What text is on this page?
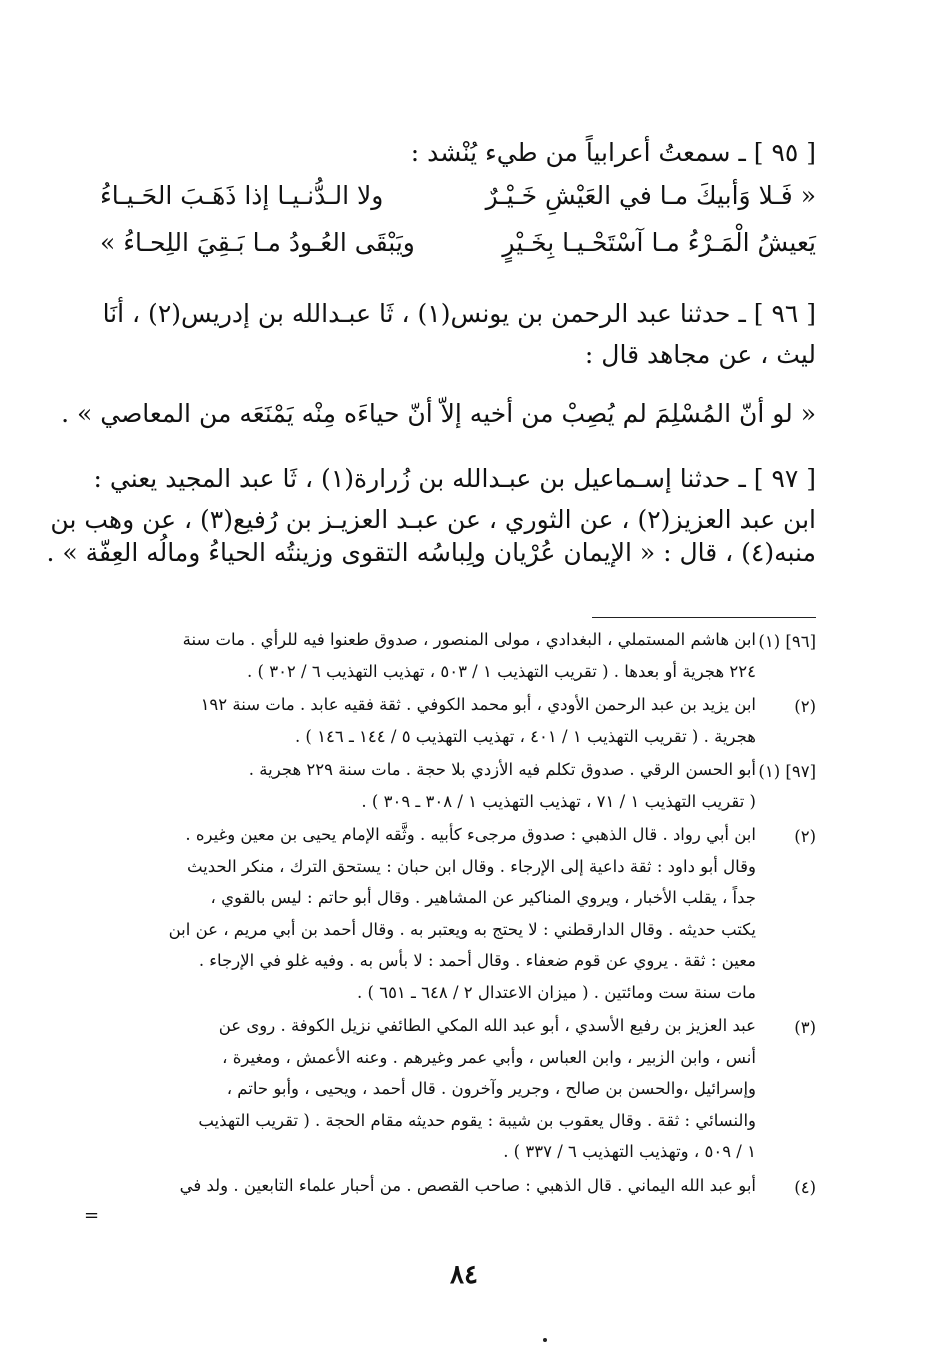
[ ٩٥ ] ـ سمعتُ أعرابياً من طيء يُنْشد :

« فَـلا وَأبيكَ مـا في العَيْشِ خَـيْـرٌ
ولا الـدُّنـيـا إذا ذَهَـبَ الحَـيـاءُ
يَعيشُ الْمَـرْءُ مـا آسْتَحْـيـا بِخَـيْرٍ
ويَبْقَى العُـودُ مـا بَـقِيَ اللِحـاءُ »

[ ٩٦ ] ـ حدثنا عبد الرحمن بن يونس(١) ، ثَا عبـدالله بن إدريس(٢) ، أنَا

ليث ، عن مجاهد قال :

« لو أنّ المُسْلِمَ لم يُصِبْ من أخيه إلاّ أنّ حياءَه مِنْه يَمْنَعَه من المعاصي » .

[ ٩٧ ] ـ حدثنا إسـماعيل بن عبـدالله بن زُرارة(١) ، ثَا عبد المجيد يعني :

ابن عبد العزيز(٢) ، عن الثوري ، عن عبـد العزيـز بن رُفيع(٣) ، عن وهب بن

منبه(٤) ، قال : « الإيمان عُرْيان ولِباسُه التقوى وزينتُه الحياءُ ومالُه العِفّة » .

[٩٦] (١)

ابن هاشم المستملي ، البغدادي ، مولى المنصور ، صدوق طعنوا فيه للرأي . مات سنة

٢٢٤ هجرية أو بعدها . ( تقريب التهذيب ١ / ٥٠٣ ، تهذيب التهذيب ٦ / ٣٠٢ ) .

(٢)

ابن يزيد بن عبد الرحمن الأودي ، أبو محمد الكوفي . ثقة فقيه عابد . مات سنة ١٩٢

هجرية . ( تقريب التهذيب ١ / ٤٠١ ، تهذيب التهذيب ٥ / ١٤٤ ـ ١٤٦ ) .

[٩٧] (١)

أبو الحسن الرقي . صدوق تكلم فيه الأزدي بلا حجة . مات سنة ٢٢٩ هجرية .

( تقريب التهذيب ١ / ٧١ ، تهذيب التهذيب ١ / ٣٠٨ ـ ٣٠٩ ) .

(٢)

ابن أبي رواد . قال الذهبي : صدوق مرجىء كأبيه . وثَّقه الإمام يحيى بن معين وغيره .

وقال أبو داود : ثقة داعية إلى الإرجاء . وقال ابن حبان : يستحق الترك ، منكر الحديث

جداً ، يقلب الأخبار ، ويروي المناكير عن المشاهير . وقال أبو حاتم : ليس بالقوي ،

يكتب حديثه . وقال الدارقطني : لا يحتج به ويعتبر به . وقال أحمد بن أبي مريم ، عن ابن

معين : ثقة . يروي عن قوم ضعفاء . وقال أحمد : لا بأس به . وفيه غلو في الإرجاء .

مات سنة ست ومائتين . ( ميزان الاعتدال ٢ / ٦٤٨ ـ ٦٥١ ) .

(٣)

عبد العزيز بن رفيع الأسدي ، أبو عبد الله المكي الطائفي نزيل الكوفة . روى عن

أنس ، وابن الزبير ، وابن العباس ، وأبي عمر وغيرهم . وعنه الأعمش ، ومغيرة ،

وإسرائيل ،والحسن بن صالح ، وجرير وآخرون . قال أحمد ، ويحيى ، وأبو حاتم ،

والنسائي : ثقة . وقال يعقوب بن شيبة : يقوم حديثه مقام الحجة . ( تقريب التهذيب

١ / ٥٠٩ ، وتهذيب التهذيب ٦ / ٣٣٧ ) .

(٤)

أبو عبد الله اليماني . قال الذهبي : صاحب القصص . من أحبار علماء التابعين . ولد في

=
٨٤
